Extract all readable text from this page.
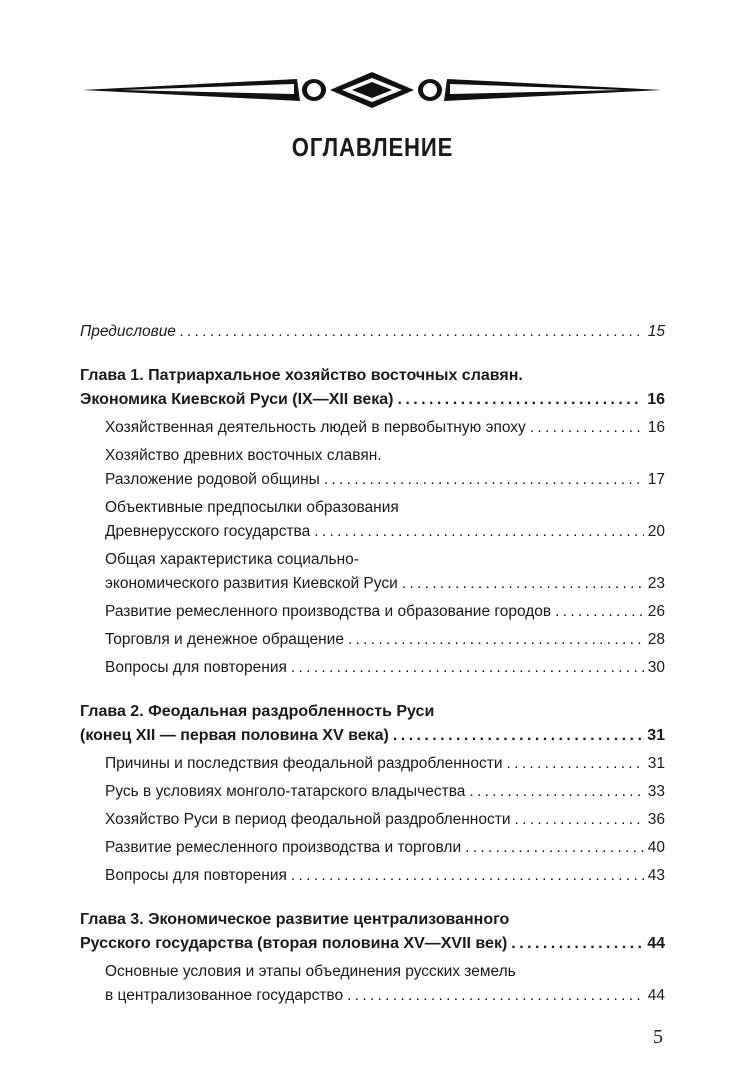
ОГЛАВЛЕНИЕ
Предисловие . . .	15
Глава 1. Патриархальное хозяйство восточных славян.
Экономика Киевской Руси (IX—XII века) . . .	16
Хозяйственная деятельность людей в первобытную эпоху . . .	16
Хозяйство древних восточных славян.
Разложение родовой общины . . .	17
Объективные предпосылки образования
Древнерусского государства . . .	20
Общая характеристика социально-
экономического развития Киевской Руси . . .	23
Развитие ремесленного производства и образование городов . . .	26
Торговля и денежное обращение . . .	28
Вопросы для повторения . . .	30
Глава 2. Феодальная раздробленность Руси
(конец XII — первая половина XV века) . . .	31
Причины и последствия феодальной раздробленности . . .	31
Русь в условиях монголо-татарского владычества . . .	33
Хозяйство Руси в период феодальной раздробленности . . .	36
Развитие ремесленного производства и торговли . . .	40
Вопросы для повторения . . .	43
Глава 3. Экономическое развитие централизованного
Русского государства (вторая половина XV—XVII век) . . .	44
Основные условия и этапы объединения русских земель
в централизованное государство . . .	44
5
